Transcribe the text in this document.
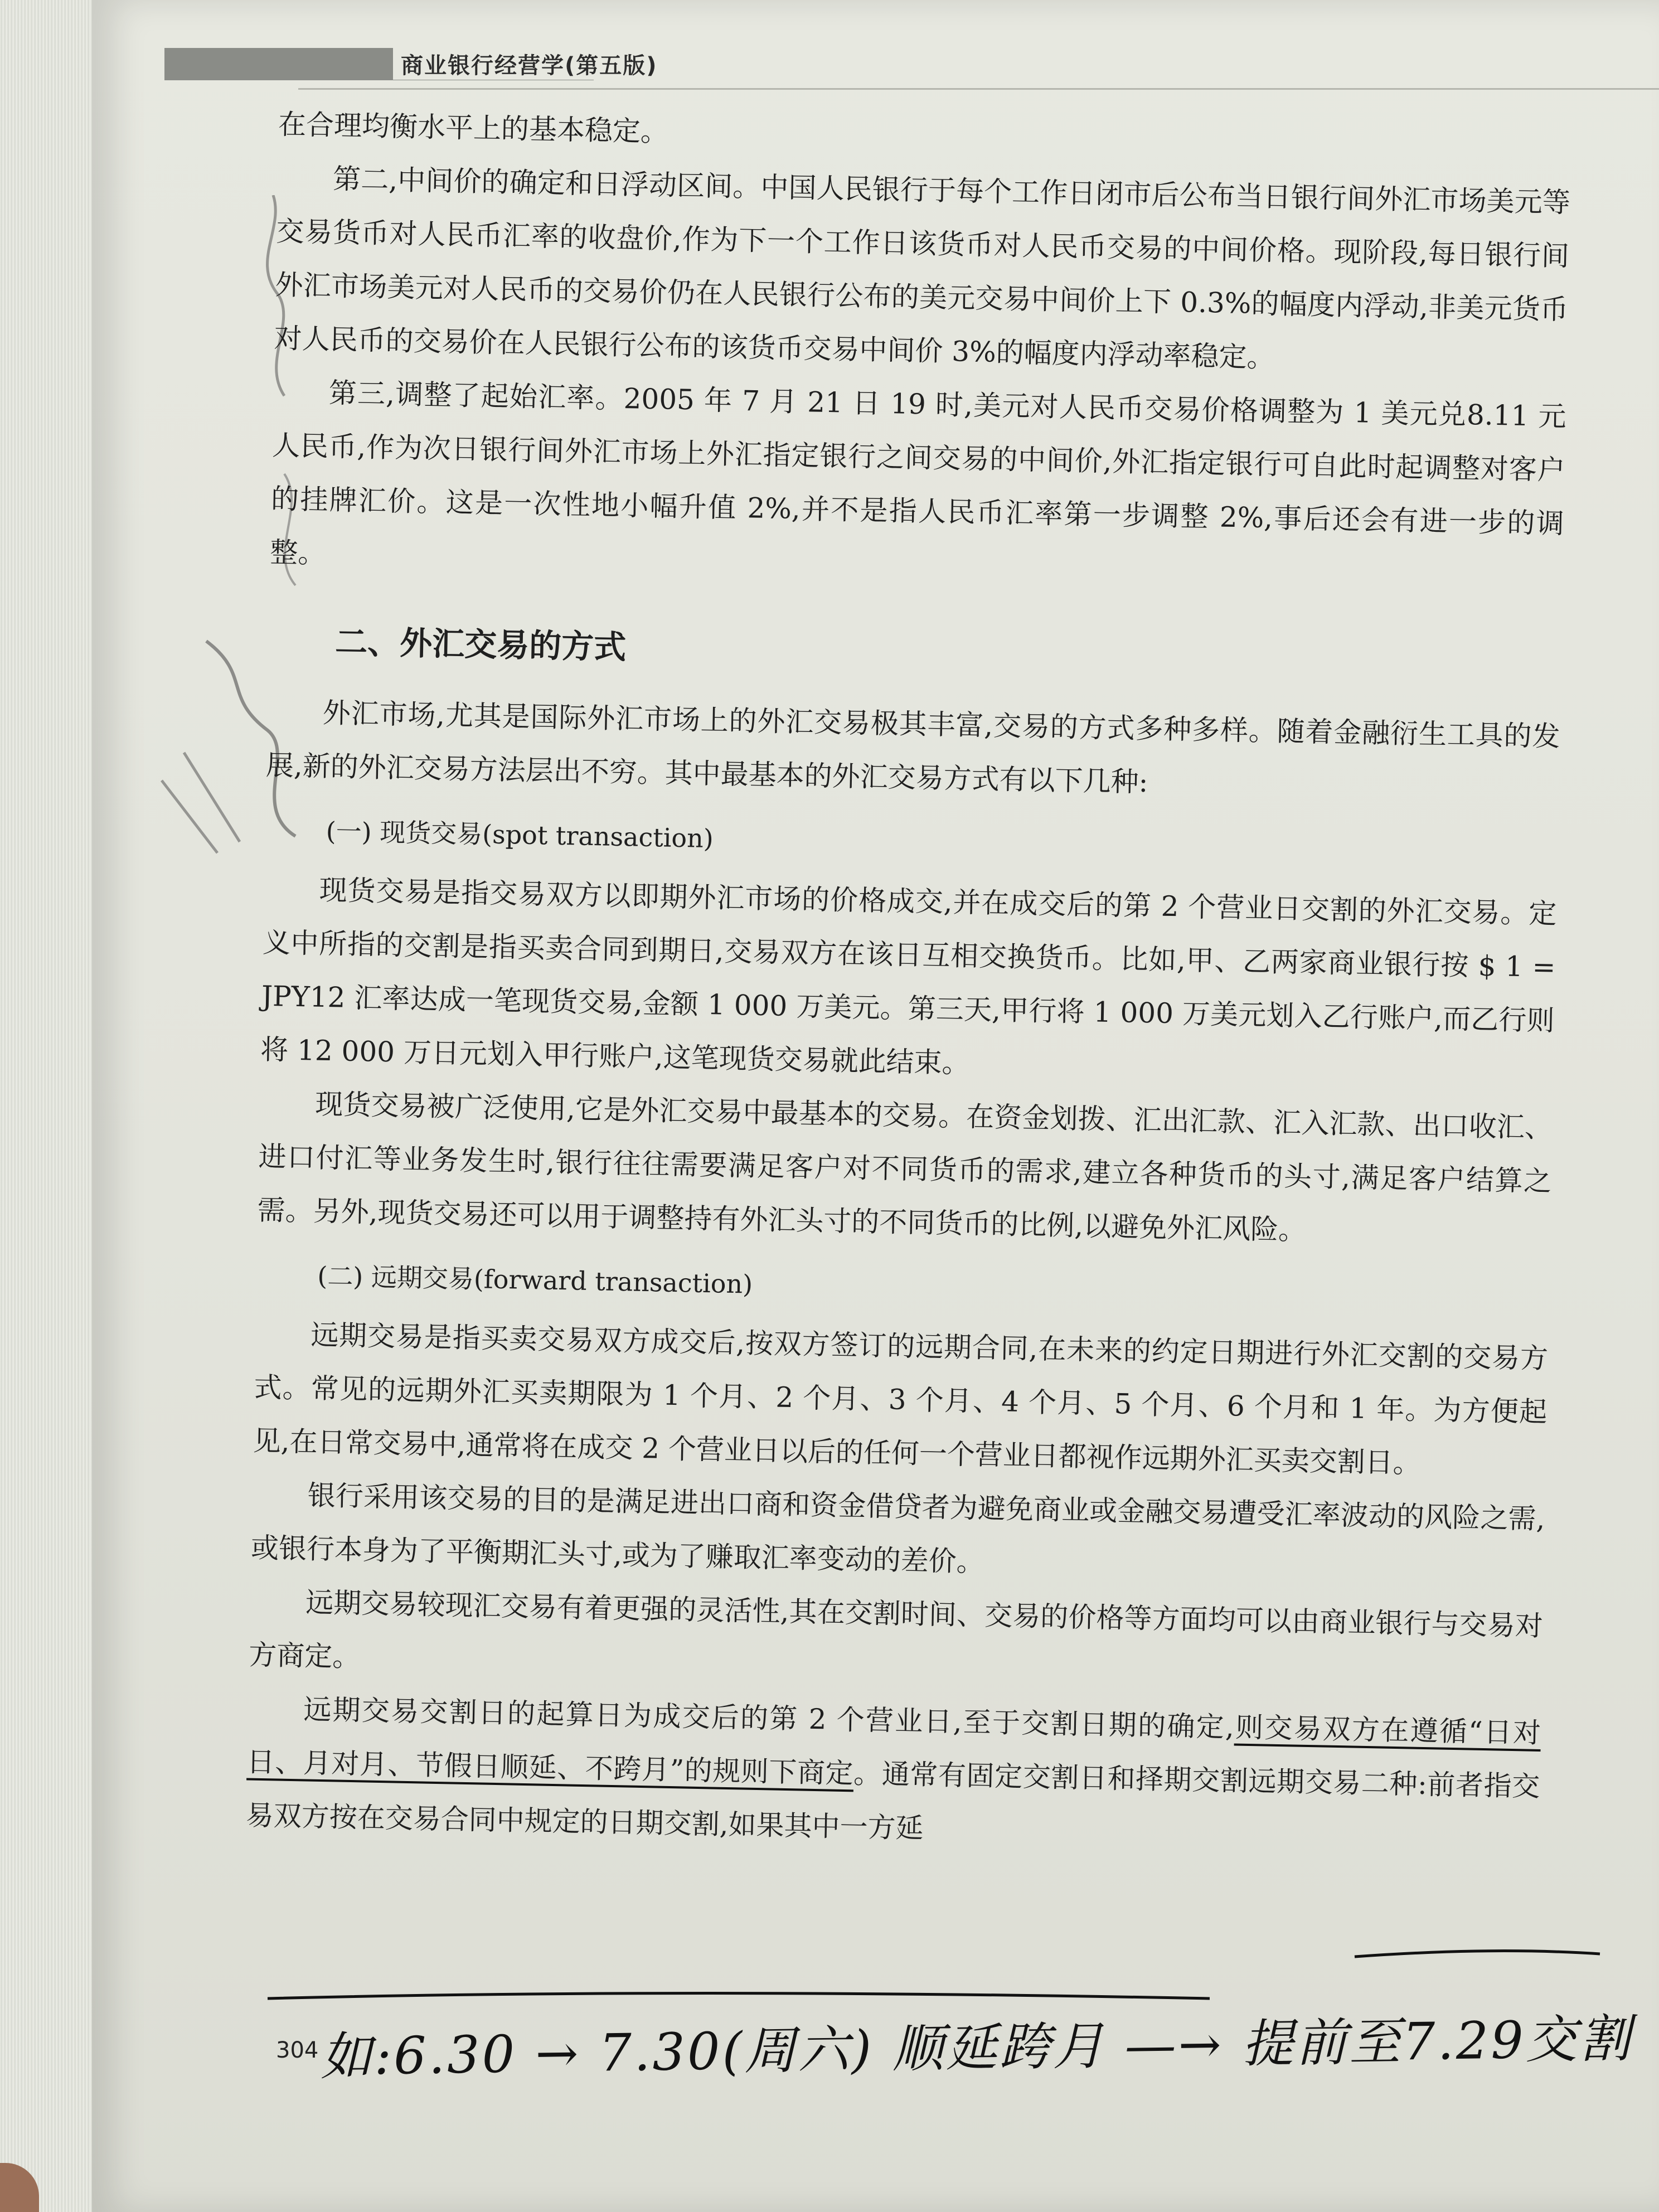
商业银行经营学(第五版)

在合理均衡水平上的基本稳定。

第二,中间价的确定和日浮动区间。中国人民银行于每个工作日闭市后公布当日银行间外汇市场美元等交易货币对人民币汇率的收盘价,作为下一个工作日该货币对人民币交易的中间价格。现阶段,每日银行间外汇市场美元对人民币的交易价仍在人民银行公布的美元交易中间价上下 0.3%的幅度内浮动,非美元货币对人民币的交易价在人民银行公布的该货币交易中间价 3%的幅度内浮动率稳定。

第三,调整了起始汇率。2005 年 7 月 21 日 19 时,美元对人民币交易价格调整为 1 美元兑8.11 元人民币,作为次日银行间外汇市场上外汇指定银行之间交易的中间价,外汇指定银行可自此时起调整对客户的挂牌汇价。这是一次性地小幅升值 2%,并不是指人民币汇率第一步调整 2%,事后还会有进一步的调整。

二、外汇交易的方式

外汇市场,尤其是国际外汇市场上的外汇交易极其丰富,交易的方式多种多样。随着金融衍生工具的发展,新的外汇交易方法层出不穷。其中最基本的外汇交易方式有以下几种:

(一) 现货交易(spot transaction)

现货交易是指交易双方以即期外汇市场的价格成交,并在成交后的第 2 个营业日交割的外汇交易。定义中所指的交割是指买卖合同到期日,交易双方在该日互相交换货币。比如,甲、乙两家商业银行按 $ 1 = JPY12 汇率达成一笔现货交易,金额 1 000 万美元。第三天,甲行将 1 000 万美元划入乙行账户,而乙行则将 12 000 万日元划入甲行账户,这笔现货交易就此结束。

现货交易被广泛使用,它是外汇交易中最基本的交易。在资金划拨、汇出汇款、汇入汇款、出口收汇、进口付汇等业务发生时,银行往往需要满足客户对不同货币的需求,建立各种货币的头寸,满足客户结算之需。另外,现货交易还可以用于调整持有外汇头寸的不同货币的比例,以避免外汇风险。

(二) 远期交易(forward transaction)

远期交易是指买卖交易双方成交后,按双方签订的远期合同,在未来的约定日期进行外汇交割的交易方式。常见的远期外汇买卖期限为 1 个月、2 个月、3 个月、4 个月、5 个月、6 个月和 1 年。为方便起见,在日常交易中,通常将在成交 2 个营业日以后的任何一个营业日都视作远期外汇买卖交割日。

银行采用该交易的目的是满足进出口商和资金借贷者为避免商业或金融交易遭受汇率波动的风险之需,或银行本身为了平衡期汇头寸,或为了赚取汇率变动的差价。

远期交易较现汇交易有着更强的灵活性,其在交割时间、交易的价格等方面均可以由商业银行与交易对方商定。

远期交易交割日的起算日为成交后的第 2 个营业日,至于交割日期的确定,则交易双方在遵循“日对日、月对月、节假日顺延、不跨月”的规则下商定。通常有固定交割日和择期交割远期交易二种:前者指交易双方按在交易合同中规定的日期交割,如果其中一方延

304 如:6.30 → 7.30(周六) 顺延跨月 —→ 提前至7.29交割
